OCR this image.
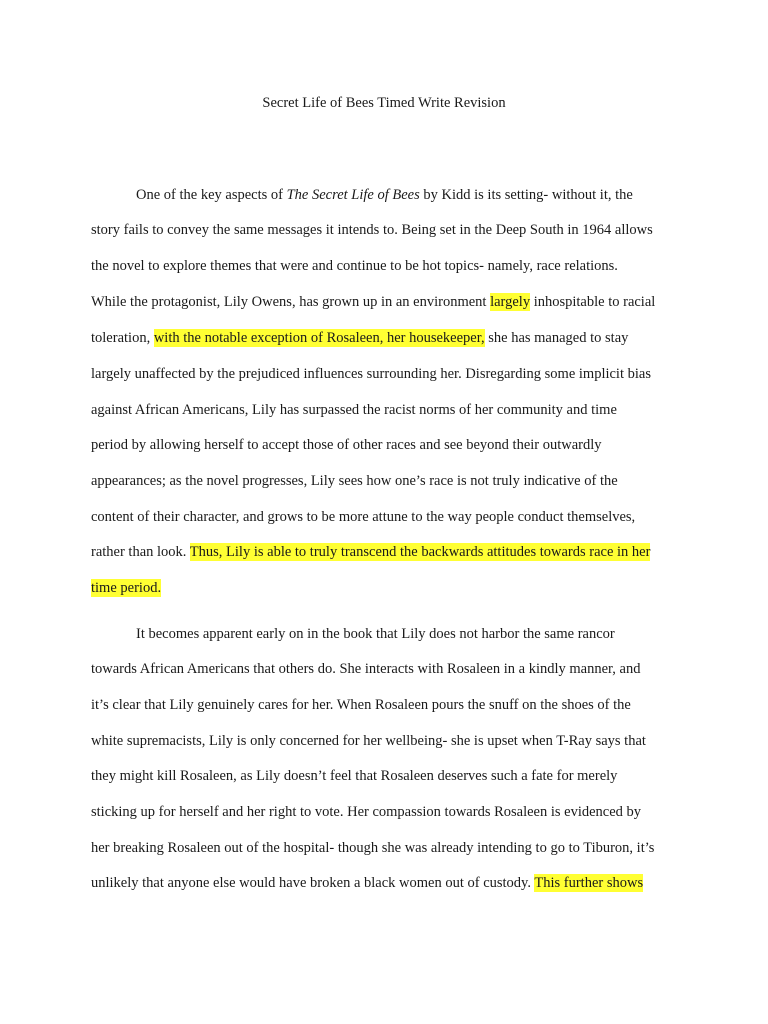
Secret Life of Bees Timed Write Revision
One of the key aspects of The Secret Life of Bees by Kidd is its setting- without it, the
story fails to convey the same messages it intends to. Being set in the Deep South in 1964 allows
the novel to explore themes that were and continue to be hot topics- namely, race relations.
While the protagonist, Lily Owens, has grown up in an environment largely inhospitable to racial
toleration, with the notable exception of Rosaleen, her housekeeper, she has managed to stay
largely unaffected by the prejudiced influences surrounding her. Disregarding some implicit bias
against African Americans, Lily has surpassed the racist norms of her community and time
period by allowing herself to accept those of other races and see beyond their outwardly
appearances; as the novel progresses, Lily sees how one’s race is not truly indicative of the
content of their character, and grows to be more attune to the way people conduct themselves,
rather than look. Thus, Lily is able to truly transcend the backwards attitudes towards race in her
time period.
It becomes apparent early on in the book that Lily does not harbor the same rancor
towards African Americans that others do. She interacts with Rosaleen in a kindly manner, and
it’s clear that Lily genuinely cares for her. When Rosaleen pours the snuff on the shoes of the
white supremacists, Lily is only concerned for her wellbeing- she is upset when T-Ray says that
they might kill Rosaleen, as Lily doesn’t feel that Rosaleen deserves such a fate for merely
sticking up for herself and her right to vote. Her compassion towards Rosaleen is evidenced by
her breaking Rosaleen out of the hospital- though she was already intending to go to Tiburon, it’s
unlikely that anyone else would have broken a black women out of custody. This further shows
